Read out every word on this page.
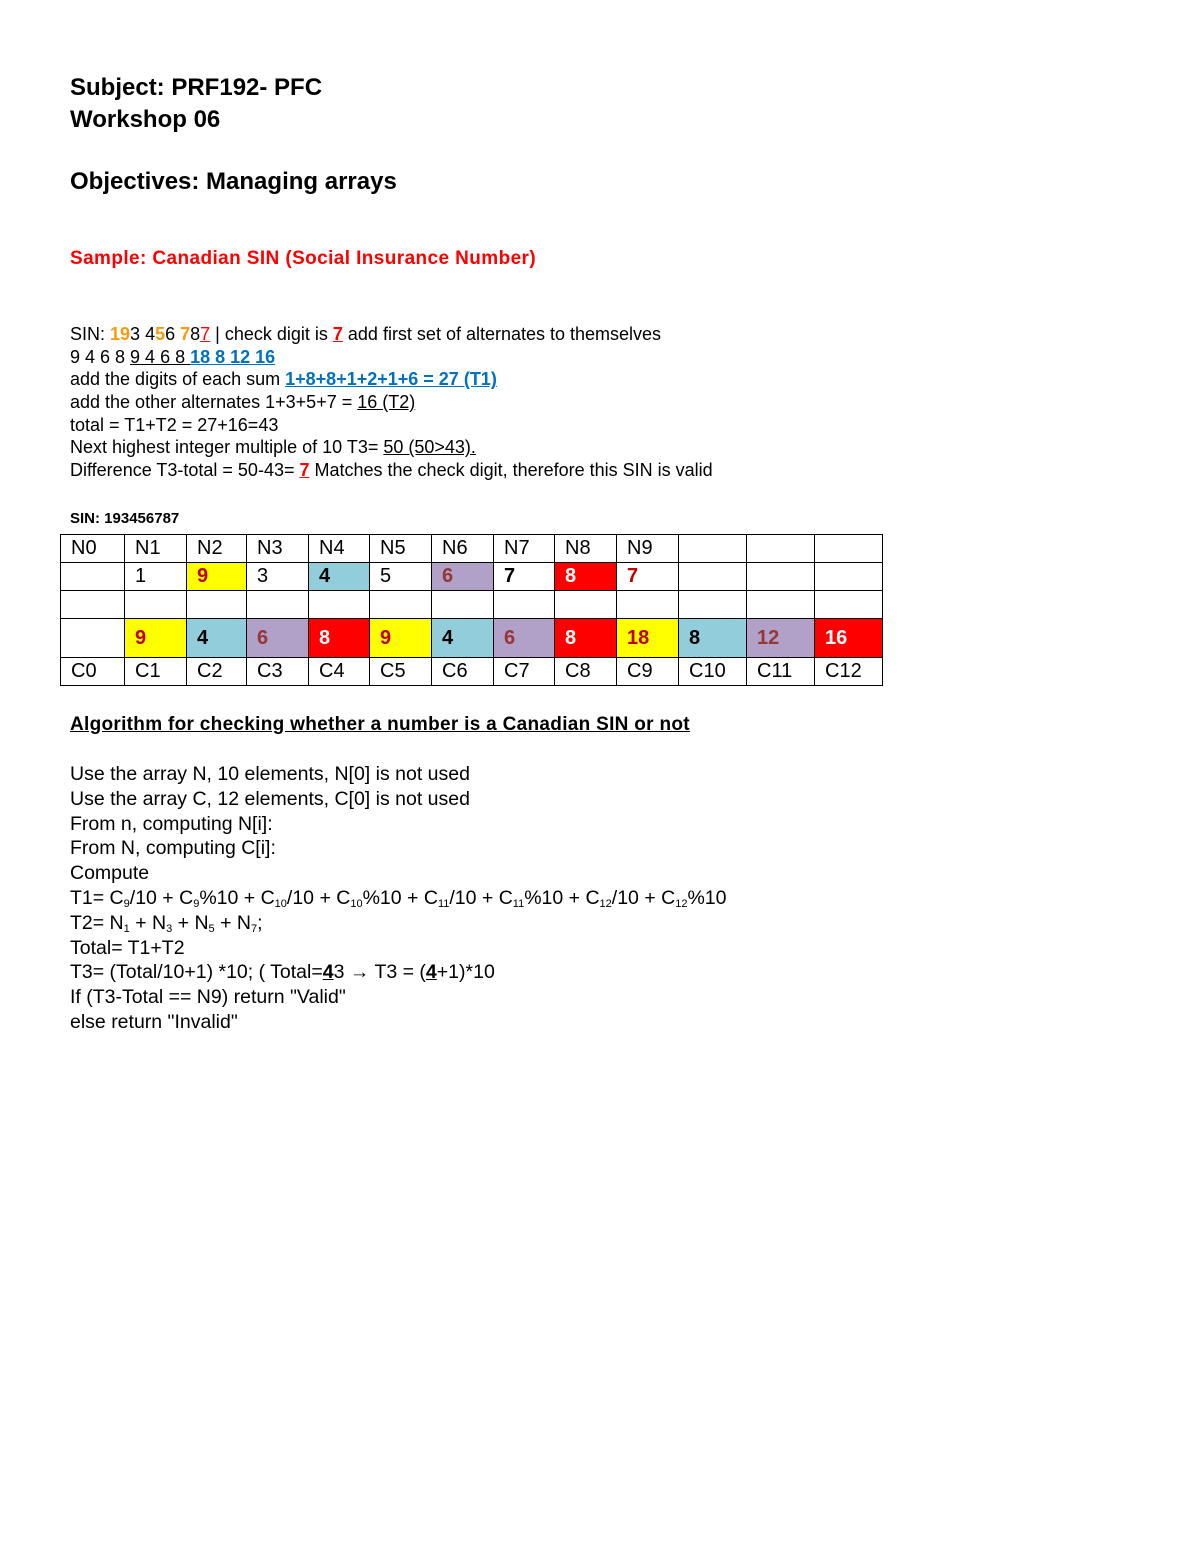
Subject: PRF192- PFC
Workshop 06
Objectives: Managing arrays
Sample: Canadian SIN (Social Insurance Number)
SIN: 193 456 787 | check digit is 7 add first set of alternates to themselves
9 4 6 8 9 4 6 8 18 8 12 16
add the digits of each sum 1+8+8+1+2+1+6 = 27 (T1)
add the other alternates 1+3+5+7 = 16 (T2)
total = T1+T2 = 27+16=43
Next highest integer multiple of 10 T3= 50 (50>43).
Difference T3-total = 50-43= 7 Matches the check digit, therefore this SIN is valid
SIN: 193456787
N0	N1	N2	N3	N4	N5	N6	N7	N8	N9			
	1	9	3	4	5	6	7	8	7			

	9	4	6	8	9	4	6	8	18	8	12	16
C0	C1	C2	C3	C4	C5	C6	C7	C8	C9	C10	C11	C12
Algorithm for checking whether a number is a Canadian SIN or not
Use the array N, 10 elements, N[0] is not used
Use the array C, 12 elements, C[0] is not used
From n, computing N[i]:
From N, computing C[i]:
Compute
$T1= C_9/10 + C_9\%10 + C_{10}/10 + C_{10}\%10 + C_{11}/10 + C_{11}\%10 + C_{12}/10 + C_{12}\%10$
$T2= N_1 + N_3 + N_5 + N_7$;
Total= T1+T2
T3= (Total/10+1) *10; ( Total=43 → T3 = (4+1)*10
If (T3-Total == N9) return "Valid"
else return "Invalid"
